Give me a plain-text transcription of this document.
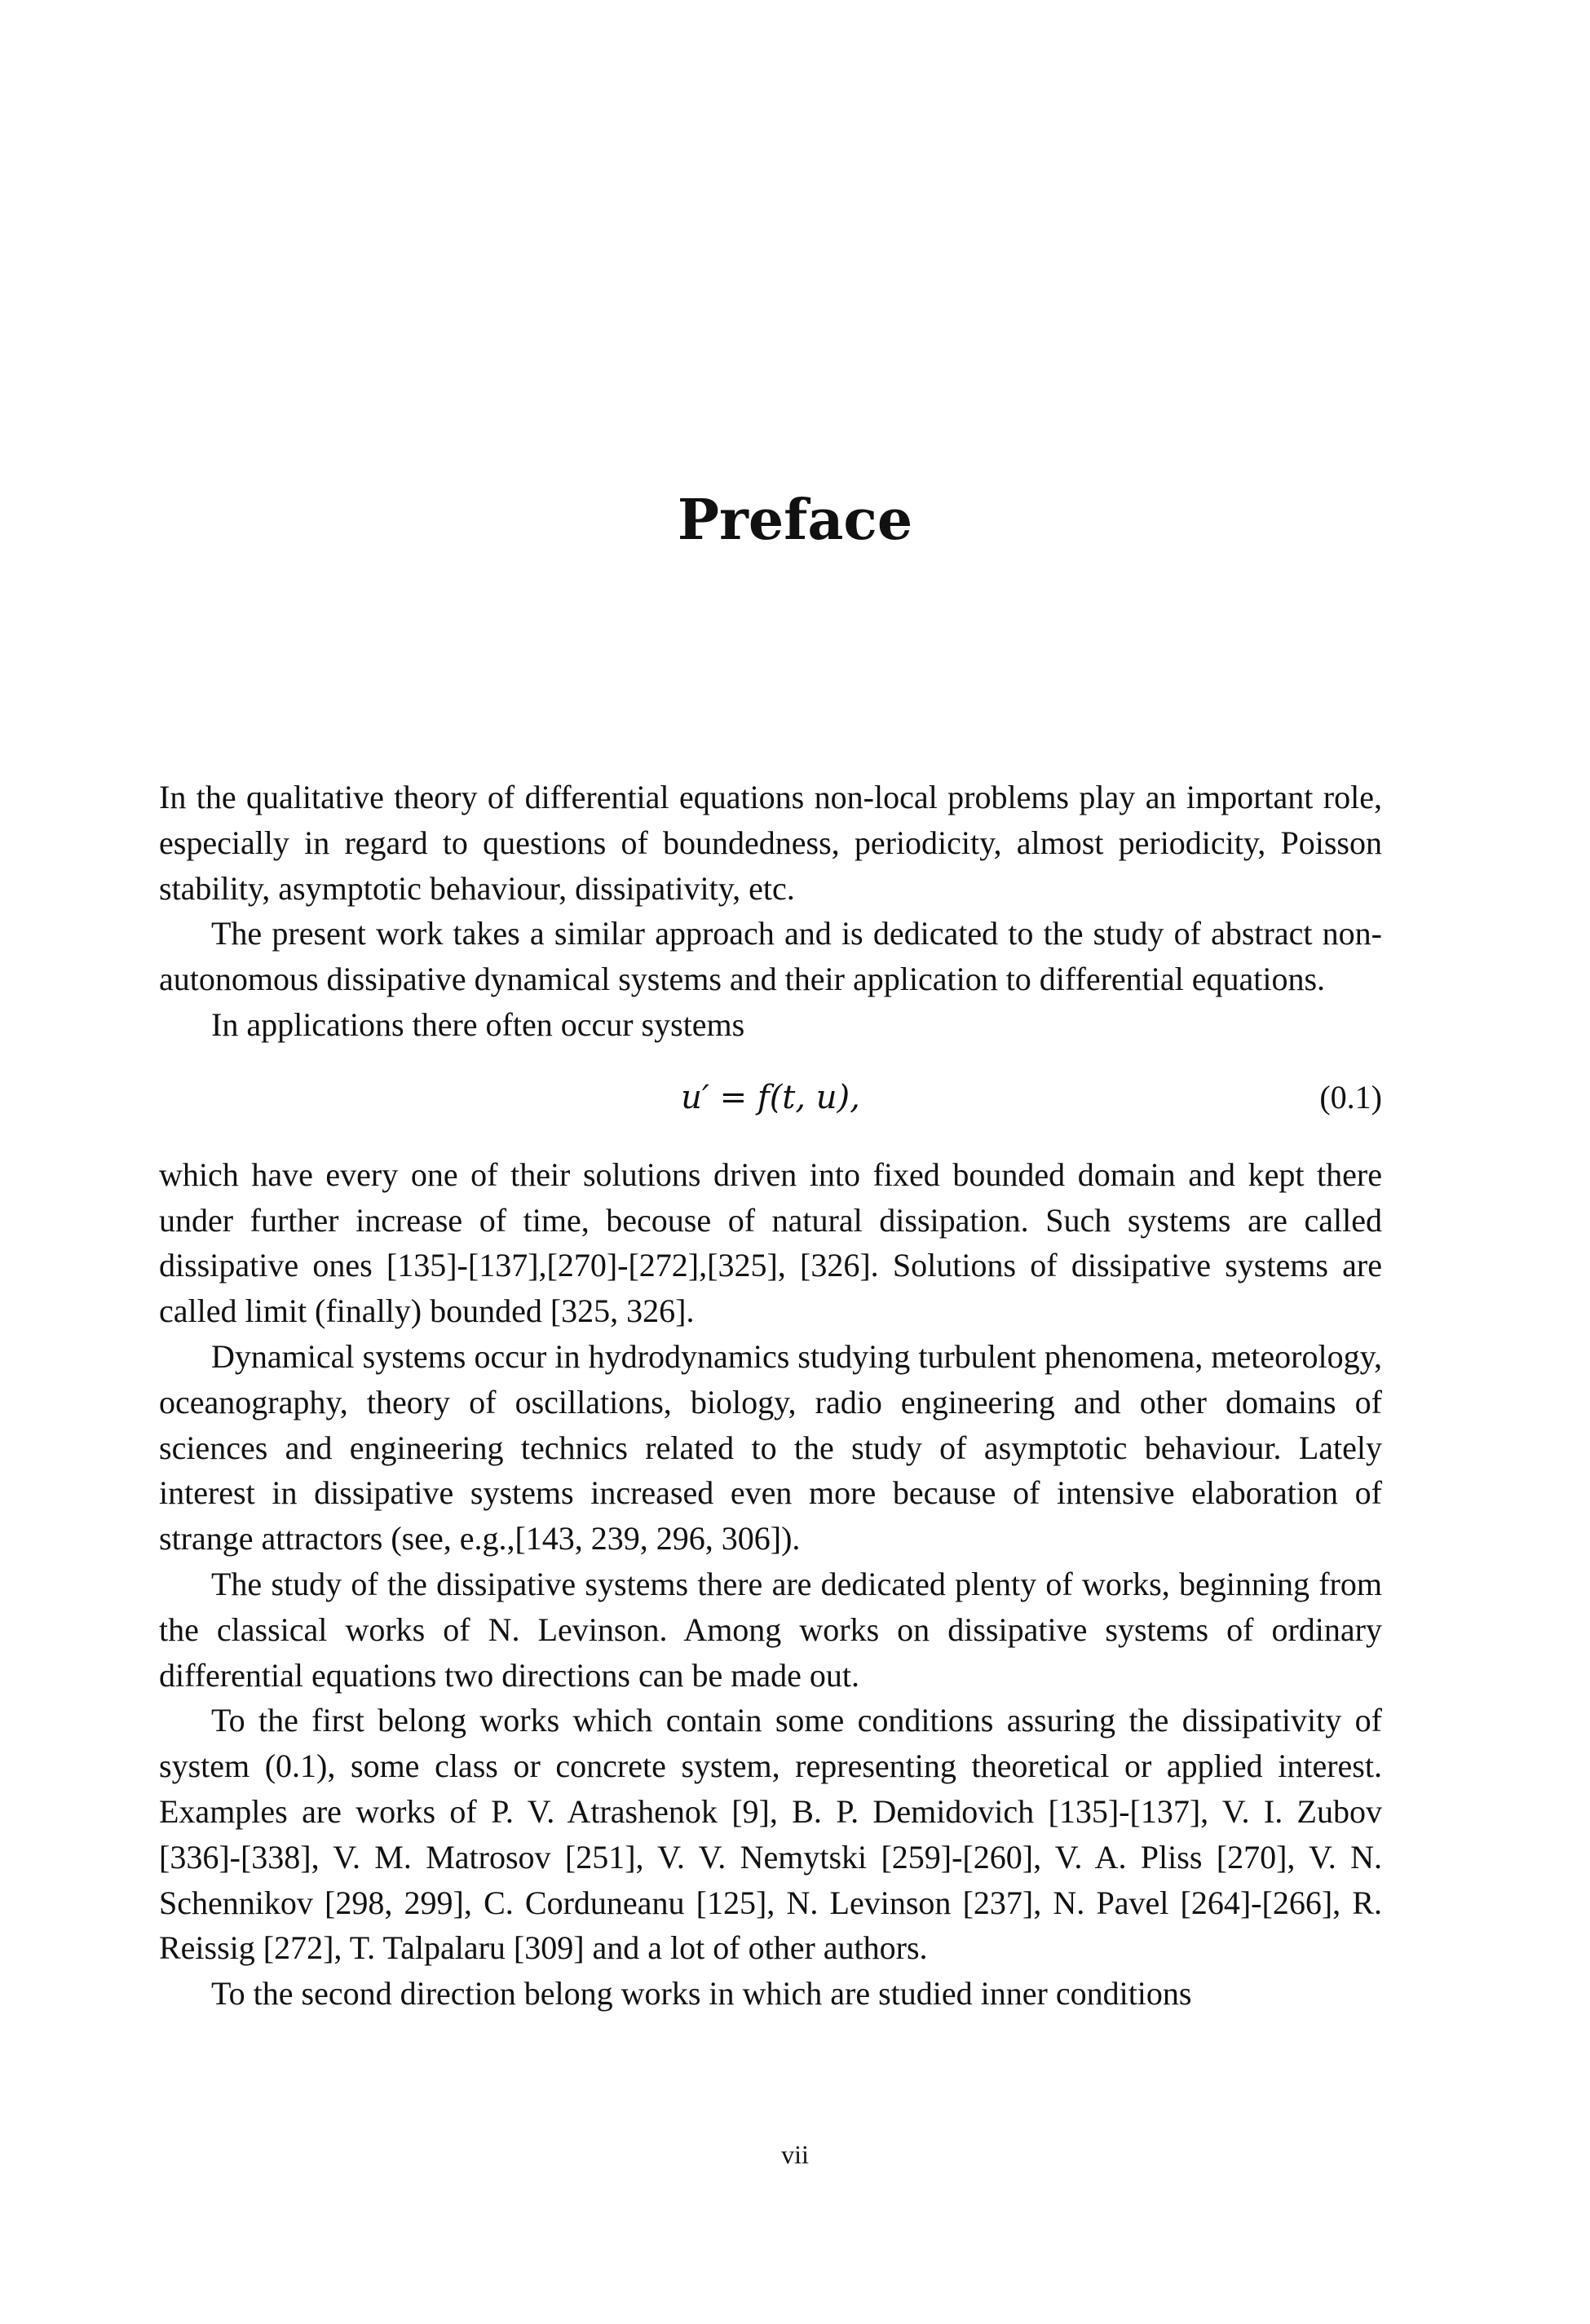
Preface

In the qualitative theory of differential equations non-local problems play an important role, especially in regard to questions of boundedness, periodicity, almost periodicity, Poisson stability, asymptotic behaviour, dissipativity, etc.

The present work takes a similar approach and is dedicated to the study of abstract non-autonomous dissipative dynamical systems and their application to differential equations.

In applications there often occur systems

u′ = f(t, u),	(0.1)

which have every one of their solutions driven into fixed bounded domain and kept there under further increase of time, becouse of natural dissipation. Such systems are called dissipative ones [135]-[137],[270]-[272],[325], [326]. Solutions of dissipative systems are called limit (finally) bounded [325, 326].

Dynamical systems occur in hydrodynamics studying turbulent phenomena, meteorology, oceanography, theory of oscillations, biology, radio engineering and other domains of sciences and engineering technics related to the study of asymptotic behaviour. Lately interest in dissipative systems increased even more because of intensive elaboration of strange attractors (see, e.g.,[143, 239, 296, 306]).

The study of the dissipative systems there are dedicated plenty of works, beginning from the classical works of N. Levinson. Among works on dissipative systems of ordinary differential equations two directions can be made out.

To the first belong works which contain some conditions assuring the dissipativity of system (0.1), some class or concrete system, representing theoretical or applied interest. Examples are works of P. V. Atrashenok [9], B. P. Demidovich [135]-[137], V. I. Zubov [336]-[338], V. M. Matrosov [251], V. V. Nemytski [259]-[260], V. A. Pliss [270], V. N. Schennikov [298, 299], C. Corduneanu [125], N. Levinson [237], N. Pavel [264]-[266], R. Reissig [272], T. Talpalaru [309] and a lot of other authors.

To the second direction belong works in which are studied inner conditions

vii
